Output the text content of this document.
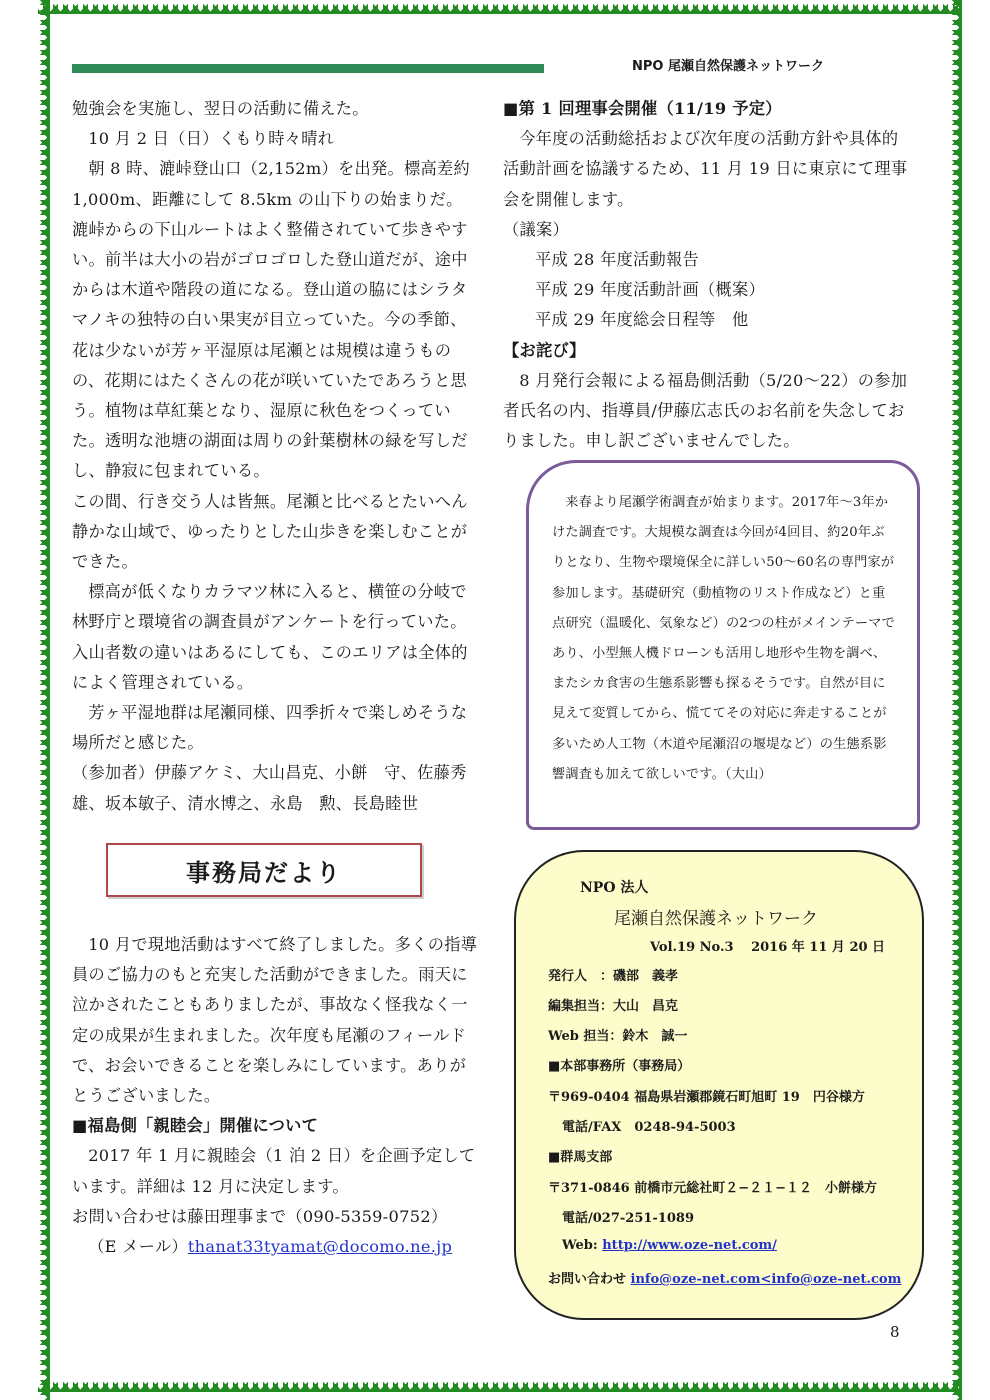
NPO 尾瀬自然保護ネットワーク

勉強会を実施し、翌日の活動に備えた。

10 月 2 日（日）くもり時々晴れ

朝 8 時、漉峠登山口（2,152m）を出発。標高差約 1,000m、距離にして 8.5km の山下りの始まりだ。漉峠からの下山ルートはよく整備されていて歩きやすい。前半は大小の岩がゴロゴロした登山道だが、途中からは木道や階段の道になる。登山道の脇にはシラタマノキの独特の白い果実が目立っていた。今の季節、花は少ないが芳ヶ平湿原は尾瀬とは規模は違うものの、花期にはたくさんの花が咲いていたであろうと思う。植物は草紅葉となり、湿原に秋色をつくっていた。透明な池塘の湖面は周りの針葉樹林の緑を写しだし、静寂に包まれている。

この間、行き交う人は皆無。尾瀬と比べるとたいへん静かな山域で、ゆったりとした山歩きを楽しむことができた。

標高が低くなりカラマツ林に入ると、横笹の分岐で林野庁と環境省の調査員がアンケートを行っていた。入山者数の違いはあるにしても、このエリアは全体的によく管理されている。

芳ヶ平湿地群は尾瀬同様、四季折々で楽しめそうな場所だと感じた。

（参加者）伊藤アケミ、大山昌克、小餅　守、佐藤秀雄、坂本敏子、清水博之、永島　勲、長島睦世

■第 1 回理事会開催（11/19 予定）

今年度の活動総括および次年度の活動方針や具体的活動計画を協議するため、11 月 19 日に東京にて理事会を開催します。

（議案）

平成 28 年度活動報告

平成 29 年度活動計画（概案）

平成 29 年度総会日程等　他

【お詫び】

8 月発行会報による福島側活動（5/20〜22）の参加者氏名の内、指導員/伊藤広志氏のお名前を失念しておりました。申し訳ございませんでした。

来春より尾瀬学術調査が始まります。2017年〜3年かけた調査です。大規模な調査は今回が4回目、約20年ぶりとなり、生物や環境保全に詳しい50〜60名の専門家が参加します。基礎研究（動植物のリスト作成など）と重点研究（温暖化、気象など）の2つの柱がメインテーマであり、小型無人機ドローンも活用し地形や生物を調べ、またシカ食害の生態系影響も探るそうです。自然が目に見えて変質してから、慌ててその対応に奔走することが多いため人工物（木道や尾瀬沼の堰堤など）の生態系影響調査も加えて欲しいです。（大山）

事務局だより

10 月で現地活動はすべて終了しました。多くの指導員のご協力のもと充実した活動ができました。雨天に泣かされたこともありましたが、事故なく怪我なく一定の成果が生まれました。次年度も尾瀬のフィールドで、お会いできることを楽しみにしています。ありがとうございました。

■福島側「親睦会」開催について

2017 年 1 月に親睦会（1 泊 2 日）を企画予定しています。詳細は 12 月に決定します。

お問い合わせは藤田理事まで（090-5359-0752）

（E メール）thanat33tyamat@docomo.ne.jp

NPO 法人
尾瀬自然保護ネットワーク
Vol.19 No.3　 2016 年 11 月 20 日
発行人　：磯部　義孝
編集担当：大山　昌克
Web 担当：鈴木　誠一
■本部事務所（事務局）
〒969-0404 福島県岩瀬郡鏡石町旭町 19　円谷様方
電話/FAX　0248-94-5003
■群馬支部
〒371-0846 前橋市元総社町２−２１−１２　小餅様方
電話/027-251-1089
Web: http://www.oze-net.com/
お問い合わせ info@oze-net.com<info@oze-net.com
8
